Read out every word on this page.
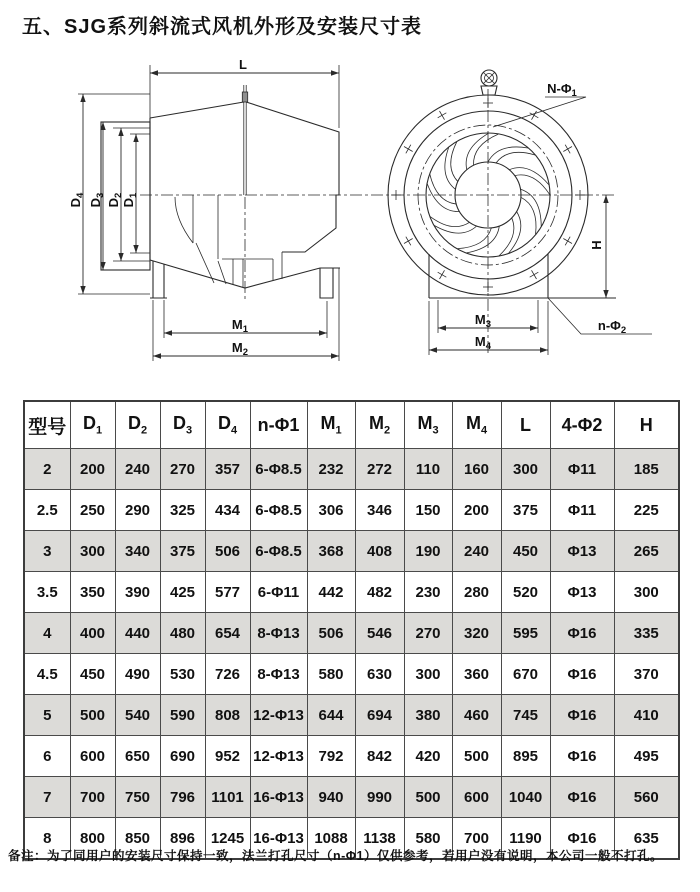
五、SJG系列斜流式风机外形及安装尺寸表
L
$D_4$
$D_3$
$D_2$
$D_1$
$M_1$
$M_2$
H
$M_3$
$M_4$
$N-\Phi_1$
$n-\Phi_2$
型号	$D_1$	$D_2$	$D_3$	$D_4$	n-Φ1	$M_1$	$M_2$	$M_3$	$M_4$	L	4-Φ2	H
2	200	240	270	357	6-Φ8.5	232	272	110	160	300	Φ11	185
2.5	250	290	325	434	6-Φ8.5	306	346	150	200	375	Φ11	225
3	300	340	375	506	6-Φ8.5	368	408	190	240	450	Φ13	265
3.5	350	390	425	577	6-Φ11	442	482	230	280	520	Φ13	300
4	400	440	480	654	8-Φ13	506	546	270	320	595	Φ16	335
4.5	450	490	530	726	8-Φ13	580	630	300	360	670	Φ16	370
5	500	540	590	808	12-Φ13	644	694	380	460	745	Φ16	410
6	600	650	690	952	12-Φ13	792	842	420	500	895	Φ16	495
7	700	750	796	1101	16-Φ13	940	990	500	600	1040	Φ16	560
8	800	850	896	1245	16-Φ13	1088	1138	580	700	1190	Φ16	635

备注：为了同用户的安装尺寸保持一致，法兰打孔尺寸（n-Φ1）仅供参考，若用户没有说明，本公司一般不打孔。
